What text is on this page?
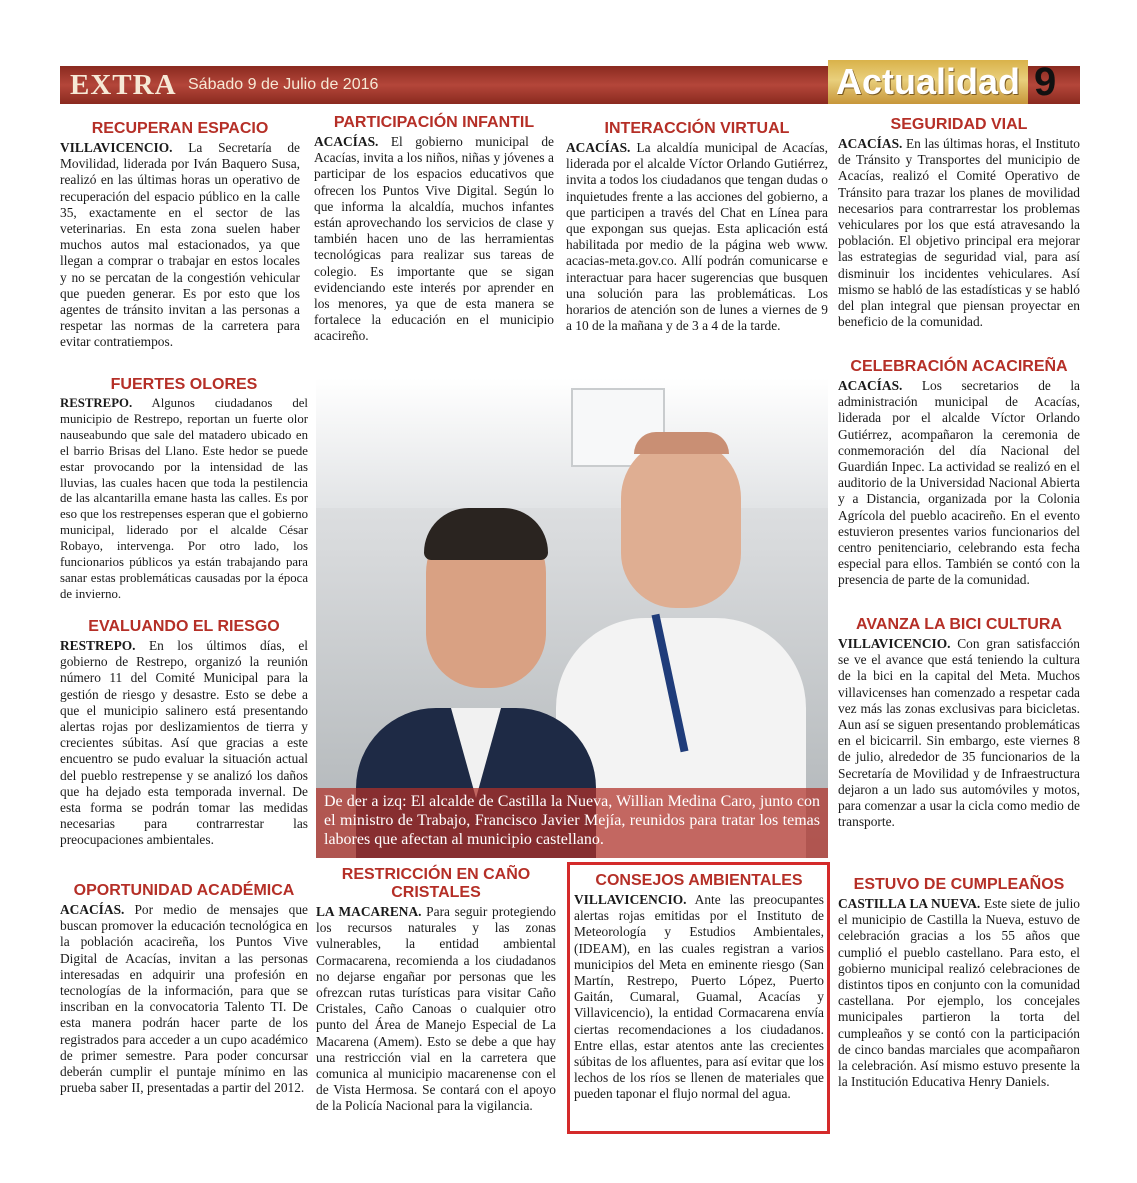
EXTRA Sábado 9 de Julio de 2016	Actualidad 9
RECUPERAN ESPACIO

VILLAVICENCIO. La Secretaría de Movilidad, liderada por Iván Baquero Susa, realizó en las últimas horas un operativo de recuperación del espacio público en la calle 35, exactamente en el sector de las veterinarias. En esta zona suelen haber muchos autos mal estacionados, ya que llegan a comprar o trabajar en estos locales y no se percatan de la congestión vehicular que pueden generar. Es por esto que los agentes de tránsito invitan a las personas a respetar las normas de la carretera para evitar contratiempos.

FUERTES OLORES

RESTREPO. Algunos ciudadanos del municipio de Restrepo, reportan un fuerte olor nauseabundo que sale del matadero ubicado en el barrio Brisas del Llano. Este hedor se puede estar provocando por la intensidad de las lluvias, las cuales hacen que toda la pestilencia de las alcantarilla emane hasta las calles. Es por eso que los restrepenses esperan que el gobierno municipal, liderado por el alcalde César Robayo, intervenga. Por otro lado, los funcionarios públicos ya están trabajando para sanar estas problemáticas causadas por la época de invierno.

EVALUANDO EL RIESGO

RESTREPO. En los últimos días, el gobierno de Restrepo, organizó la reunión número 11 del Comité Municipal para la gestión de riesgo y desastre. Esto se debe a que el municipio salinero está presentando alertas rojas por deslizamientos de tierra y crecientes súbitas. Así que gracias a este encuentro se pudo evaluar la situación actual del pueblo restrepense y se analizó los daños que ha dejado esta temporada invernal. De esta forma se podrán tomar las medidas necesarias para contrarrestar las preocupaciones ambientales.

OPORTUNIDAD ACADÉMICA

ACACÍAS. Por medio de mensajes que buscan promover la educación tecnológica en la población acacireña, los Puntos Vive Digital de Acacías, invitan a las personas interesadas en adquirir una profesión en tecnologías de la información, para que se inscriban en la convocatoria Talento TI. De esta manera podrán hacer parte de los registrados para acceder a un cupo académico de primer semestre. Para poder concursar deberán cumplir el puntaje mínimo en las prueba saber II, presentadas a partir del 2012.

PARTICIPACIÓN INFANTIL

ACACÍAS. El gobierno municipal de Acacías, invita a los niños, niñas y jóvenes a participar de los espacios educativos que ofrecen los Puntos Vive Digital. Según lo que informa la alcaldía, muchos infantes están aprovechando los servicios de clase y también hacen uno de las herramientas tecnológicas para realizar sus tareas de colegio. Es importante que se sigan evidenciando este interés por aprender en los menores, ya que de esta manera se fortalece la educación en el municipio acacireño.

INTERACCIÓN VIRTUAL

ACACÍAS. La alcaldía municipal de Acacías, liderada por el alcalde Víctor Orlando Gutiérrez, invita a todos los ciudadanos que tengan dudas o inquietudes frente a las acciones del gobierno, a que participen a través del Chat en Línea para que expongan sus quejas. Esta aplicación está habilitada por medio de la página web www. acacias-meta.gov.co. Allí podrán comunicarse e interactuar para hacer sugerencias que busquen una solución para las problemáticas. Los horarios de atención son de lunes a viernes de 9 a 10 de la mañana y de 3 a 4 de la tarde.

De der a izq: El alcalde de Castilla la Nueva, Willian Medina Caro, junto con el ministro de Trabajo, Francisco Javier Mejía, reunidos para tratar los temas labores que afectan al municipio castellano.
RESTRICCIÓN EN CAÑO CRISTALES

LA MACARENA. Para seguir protegiendo los recursos naturales y las zonas vulnerables, la entidad ambiental Cormacarena, recomienda a los ciudadanos no dejarse engañar por personas que les ofrezcan rutas turísticas para visitar Caño Cristales, Caño Canoas o cualquier otro punto del Área de Manejo Especial de La Macarena (Amem). Esto se debe a que hay una restricción vial en la carretera que comunica al municipio macarenense con el de Vista Hermosa. Se contará con el apoyo de la Policía Nacional para la vigilancia.

CONSEJOS AMBIENTALES

VILLAVICENCIO. Ante las preocupantes alertas rojas emitidas por el Instituto de Meteorología y Estudios Ambientales, (IDEAM), en las cuales registran a varios municipios del Meta en eminente riesgo (San Martín, Restrepo, Puerto López, Puerto Gaitán, Cumaral, Guamal, Acacías y Villavicencio), la entidad Cormacarena envía ciertas recomendaciones a los ciudadanos. Entre ellas, estar atentos ante las crecientes súbitas de los afluentes, para así evitar que los lechos de los ríos se llenen de materiales que pueden taponar el flujo normal del agua.

SEGURIDAD VIAL

ACACÍAS. En las últimas horas, el Instituto de Tránsito y Transportes del municipio de Acacías, realizó el Comité Operativo de Tránsito para trazar los planes de movilidad necesarios para contrarrestar los problemas vehiculares por los que está atravesando la población. El objetivo principal era mejorar las estrategias de seguridad vial, para así disminuir los incidentes vehiculares. Así mismo se habló de las estadísticas y se habló del plan integral que piensan proyectar en beneficio de la comunidad.

CELEBRACIÓN ACACIREÑA

ACACÍAS. Los secretarios de la administración municipal de Acacías, liderada por el alcalde Víctor Orlando Gutiérrez, acompañaron la ceremonia de conmemoración del día Nacional del Guardián Inpec. La actividad se realizó en el auditorio de la Universidad Nacional Abierta y a Distancia, organizada por la Colonia Agrícola del pueblo acacireño. En el evento estuvieron presentes varios funcionarios del centro penitenciario, celebrando esta fecha especial para ellos. También se contó con la presencia de parte de la comunidad.

AVANZA LA BICI CULTURA

VILLAVICENCIO. Con gran satisfacción se ve el avance que está teniendo la cultura de la bici en la capital del Meta. Muchos villavicenses han comenzado a respetar cada vez más las zonas exclusivas para bicicletas. Aun así se siguen presentando problemáticas en el bicicarril. Sin embargo, este viernes 8 de julio, alrededor de 35 funcionarios de la Secretaría de Movilidad y de Infraestructura dejaron a un lado sus automóviles y motos, para comenzar a usar la cicla como medio de transporte.

ESTUVO DE CUMPLEAÑOS

CASTILLA LA NUEVA. Este siete de julio el municipio de Castilla la Nueva, estuvo de celebración gracias a los 55 años que cumplió el pueblo castellano. Para esto, el gobierno municipal realizó celebraciones de distintos tipos en conjunto con la comunidad castellana. Por ejemplo, los concejales municipales partieron la torta del cumpleaños y se contó con la participación de cinco bandas marciales que acompañaron la celebración. Así mismo estuvo presente la la Institución Educativa Henry Daniels.
